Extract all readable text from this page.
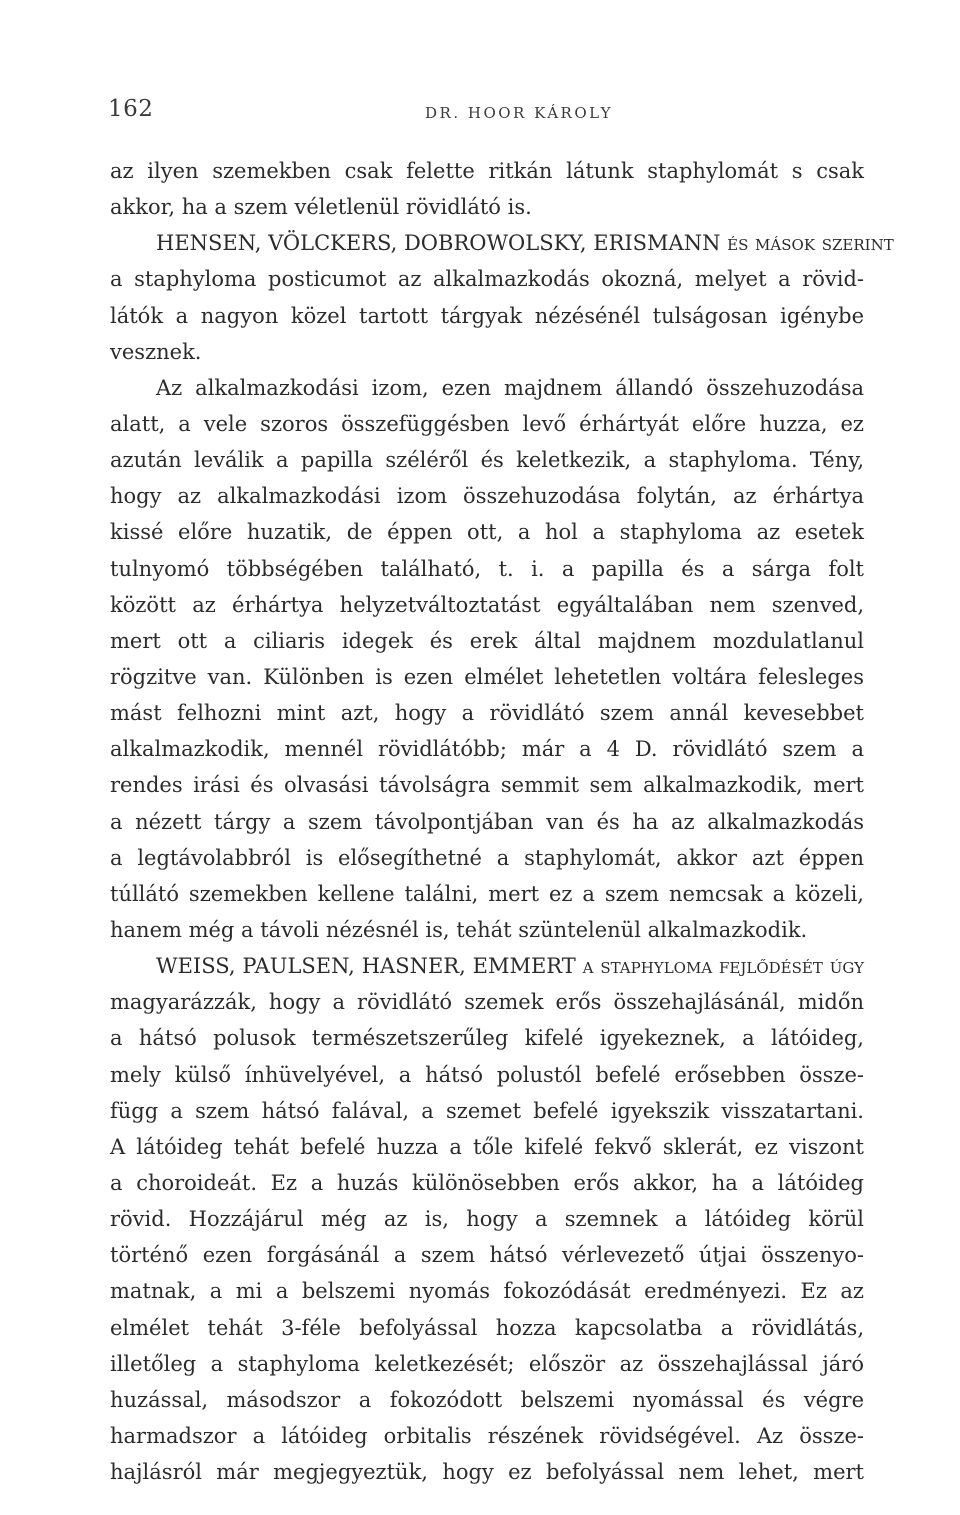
162	DR. HOOR KÁROLY
az ilyen szemekben csak felette ritkán látunk staphylomát s csak
akkor, ha a szem véletlenül rövidlátó is.
HENSEN, VÖLCKERS, DOBROWOLSKY, ERISMANN és mások szerint
a staphyloma posticumot az alkalmazkodás okozná, melyet a rövid-
látók a nagyon közel tartott tárgyak nézésénél tulságosan igénybe
vesznek.
Az alkalmazkodási izom, ezen majdnem állandó összehuzodása
alatt, a vele szoros összefüggésben levő érhártyát előre huzza, ez
azután leválik a papilla széléről és keletkezik, a staphyloma. Tény,
hogy az alkalmazkodási izom összehuzodása folytán, az érhártya
kissé előre huzatik, de éppen ott, a hol a staphyloma az esetek
tulnyomó többségében található, t. i. a papilla és a sárga folt
között az érhártya helyzetváltoztatást egyáltalában nem szenved,
mert ott a ciliaris idegek és erek által majdnem mozdulatlanul
rögzitve van. Különben is ezen elmélet lehetetlen voltára felesleges
mást felhozni mint azt, hogy a rövidlátó szem annál kevesebbet
alkalmazkodik, mennél rövidlátóbb; már a 4 D. rövidlátó szem a
rendes irási és olvasási távolságra semmit sem alkalmazkodik, mert
a nézett tárgy a szem távolpontjában van és ha az alkalmazkodás
a legtávolabbról is elősegíthetné a staphylomát, akkor azt éppen
túllátó szemekben kellene találni, mert ez a szem nemcsak a közeli,
hanem még a távoli nézésnél is, tehát szüntelenül alkalmazkodik.
WEISS, PAULSEN, HASNER, EMMERT a staphyloma fejlődését úgy
magyarázzák, hogy a rövidlátó szemek erős összehajlásánál, midőn
a hátsó polusok természetszerűleg kifelé igyekeznek, a látóideg,
mely külső ínhüvelyével, a hátsó polustól befelé erősebben össze-
függ a szem hátsó falával, a szemet befelé igyekszik visszatartani.
A látóideg tehát befelé huzza a tőle kifelé fekvő sklerát, ez viszont
a choroideát. Ez a huzás különösebben erős akkor, ha a látóideg
rövid. Hozzájárul még az is, hogy a szemnek a látóideg körül
történő ezen forgásánál a szem hátsó vérlevezető útjai összenyo-
matnak, a mi a belszemi nyomás fokozódását eredményezi. Ez az
elmélet tehát 3-féle befolyással hozza kapcsolatba a rövidlátás,
illetőleg a staphyloma keletkezését; először az összehajlással járó
huzással, másodszor a fokozódott belszemi nyomással és végre
harmadszor a látóideg orbitalis részének rövidségével. Az össze-
hajlásról már megjegyeztük, hogy ez befolyással nem lehet, mert
